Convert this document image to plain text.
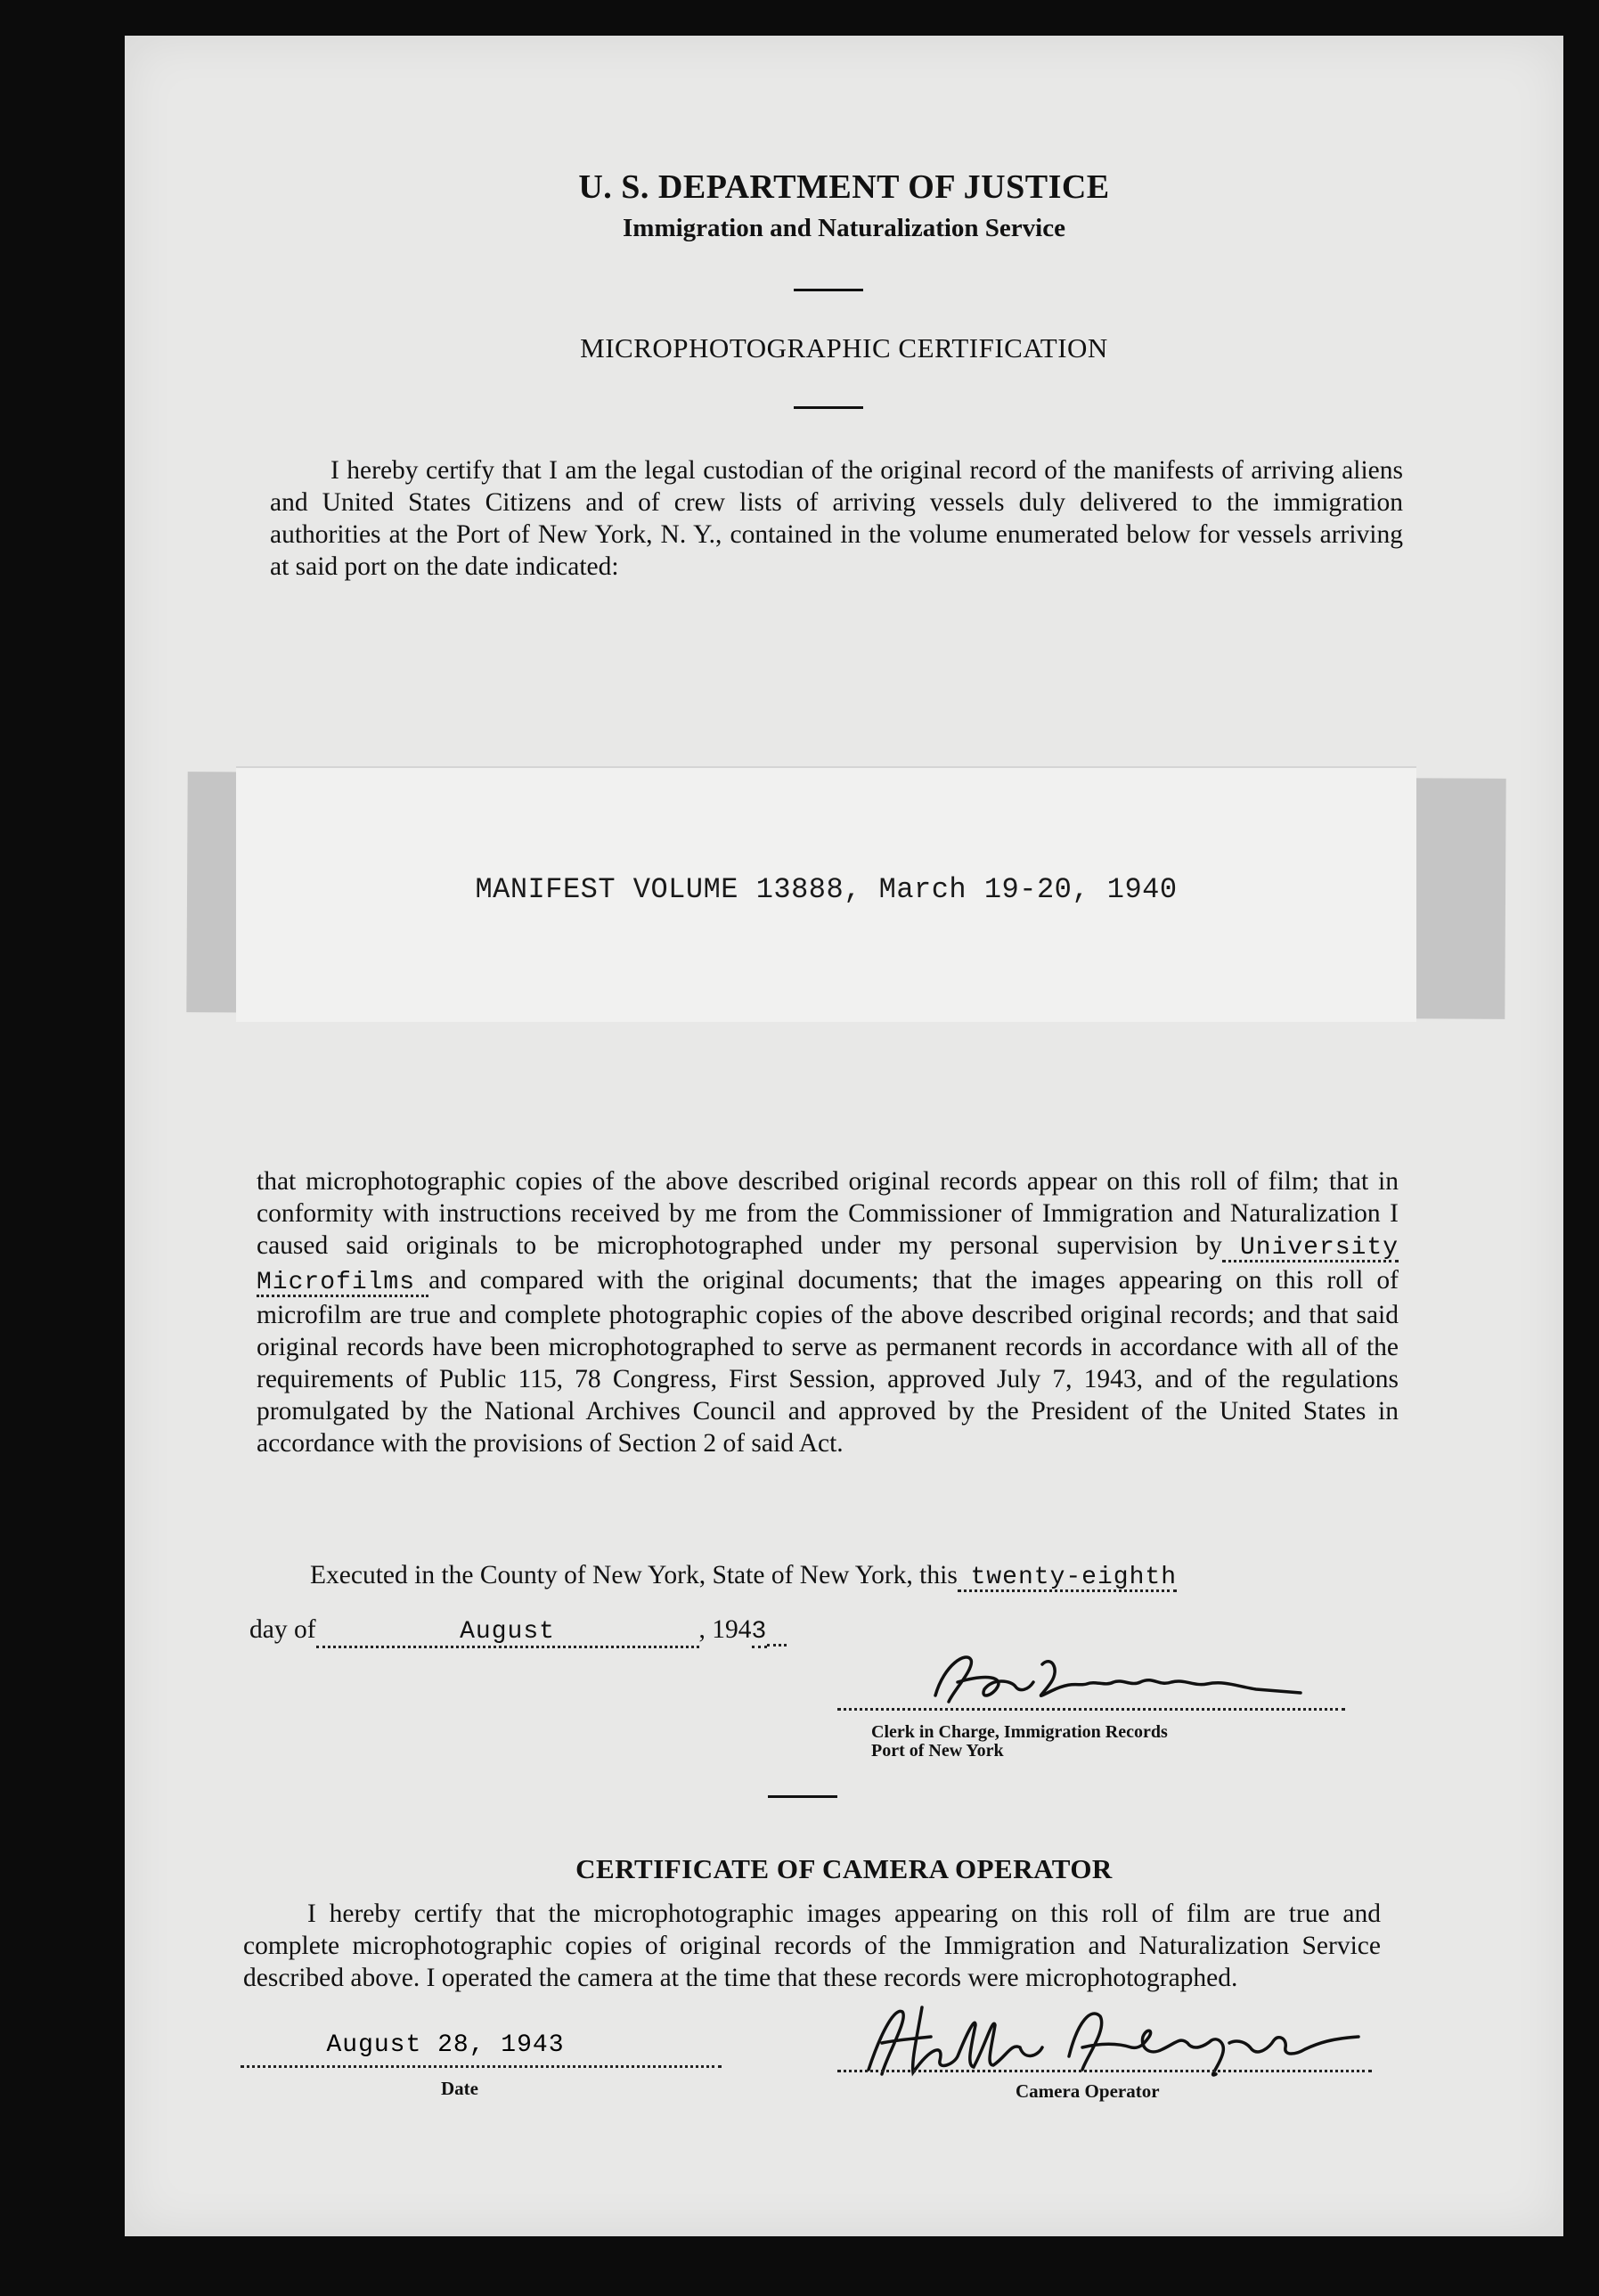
U. S. DEPARTMENT OF JUSTICE
Immigration and Naturalization Service
MICROPHOTOGRAPHIC CERTIFICATION
I hereby certify that I am the legal custodian of the original record of the manifests of arriving aliens and United States Citizens and of crew lists of arriving vessels duly delivered to the immigration authorities at the Port of New York, N. Y., contained in the volume enumerated below for vessels arriving at said port on the date indicated:
MANIFEST VOLUME 13888, March 19-20, 1940
that microphotographic copies of the above described original records appear on this roll of film; that in conformity with instructions received by me from the Commissioner of Immigration and Naturalization I caused said originals to be microphotographed under my personal supervision by University Microfilms and compared with the original documents; that the images appearing on this roll of microfilm are true and complete photographic copies of the above described original records; and that said original records have been microphotographed to serve as permanent records in accordance with all of the requirements of Public 115, 78 Congress, First Session, approved July 7, 1943, and of the regulations promulgated by the National Archives Council and approved by the President of the United States in accordance with the provisions of Section 2 of said Act.
Executed in the County of New York, State of New York, this twenty-eighth
day of	August	, 1943
Clerk in Charge, Immigration Records
Port of New York
CERTIFICATE OF CAMERA OPERATOR
I hereby certify that the microphotographic images appearing on this roll of film are true and complete microphotographic copies of original records of the Immigration and Naturalization Service described above. I operated the camera at the time that these records were microphotographed.
August 28, 1943
Date	Camera Operator
